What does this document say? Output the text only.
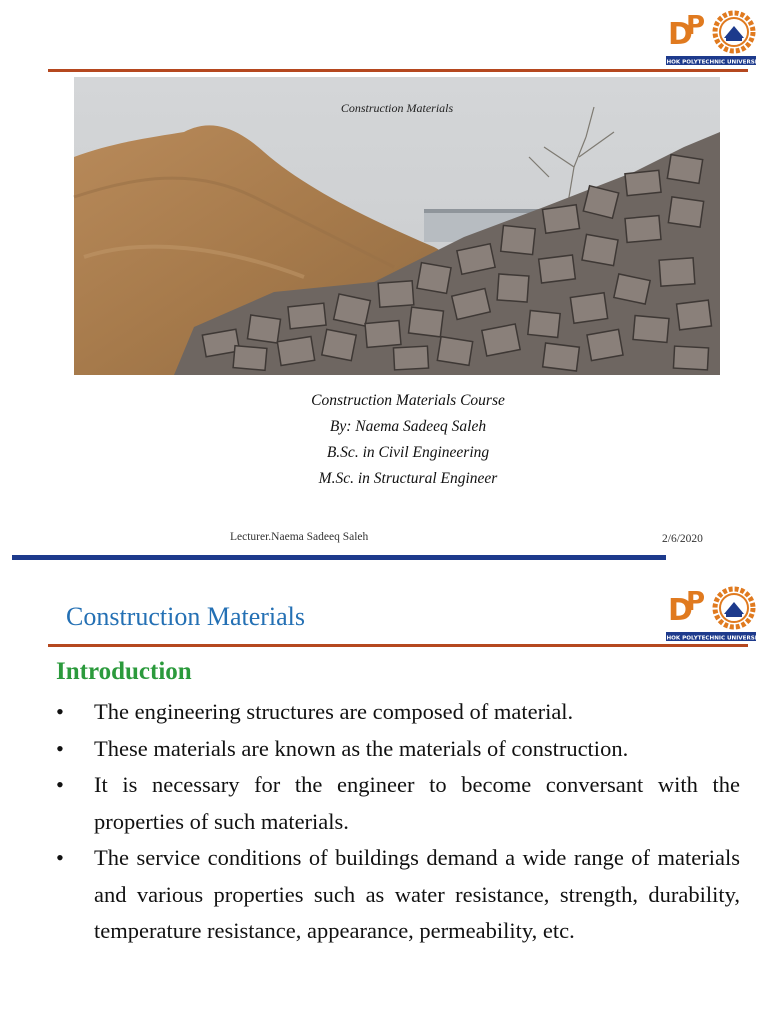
D
P
DUHOK POLYTECHNIC UNIVERSITY
Construction Materials
Construction Materials Course
By: Naema Sadeeq Saleh
B.Sc. in Civil Engineering
M.Sc. in Structural Engineer
Lecturer.Naema Sadeeq Saleh	2/6/2020
Construction Materials	D
P
DUHOK POLYTECHNIC UNIVERSITY
Introduction
• The engineering structures are composed of material.
• These materials are known as the materials of construction.
• It is necessary for the engineer to become conversant with the properties of such materials.
• The service conditions of buildings demand a wide range of materials and various properties such as water resistance, strength, durability, temperature resistance, appearance, permeability, etc.
